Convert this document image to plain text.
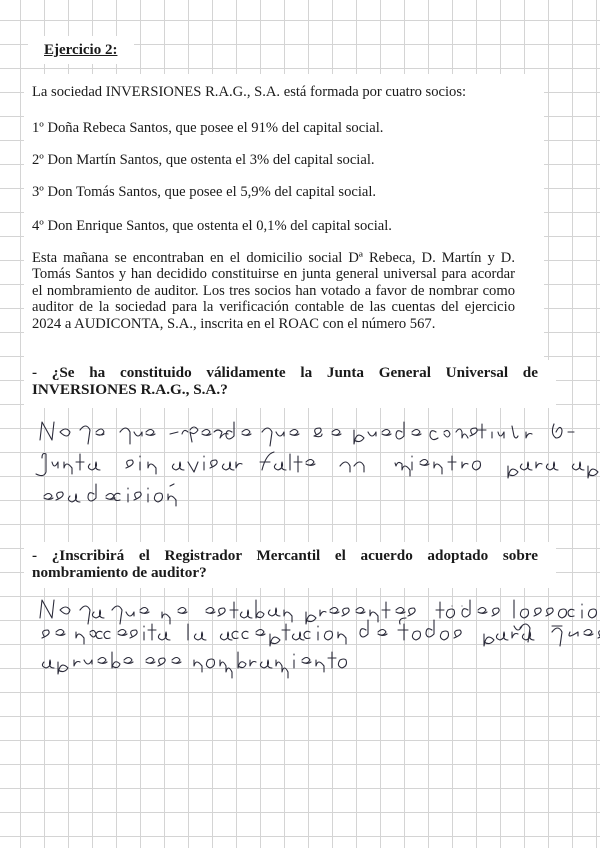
Ejercicio 2:
La sociedad INVERSIONES R.A.G., S.A. está formada por cuatro socios:
1º Doña Rebeca Santos, que posee el 91% del capital social.
2º Don Martín Santos, que ostenta el 3% del capital social.
3º Don Tomás Santos, que posee el 5,9% del capital social.
4º Don Enrique Santos, que ostenta el 0,1% del capital social.
Esta mañana se encontraban en el domicilio social Dª Rebeca, D. Martín y D. Tomás Santos y han decidido constituirse en junta general universal para acordar el nombramiento de auditor. Los tres socios han votado a favor de nombrar como auditor de la sociedad para la verificación contable de las cuentas del ejercicio 2024 a AUDICONTA, S.A., inscrita en el ROAC con el número 567.
- ¿Se ha constituido válidamente la Junta General Universal de INVERSIONES R.A.G., S.A.?
- ¿Inscribirá el Registrador Mercantil el acuerdo adoptado sobre nombramiento de auditor?
